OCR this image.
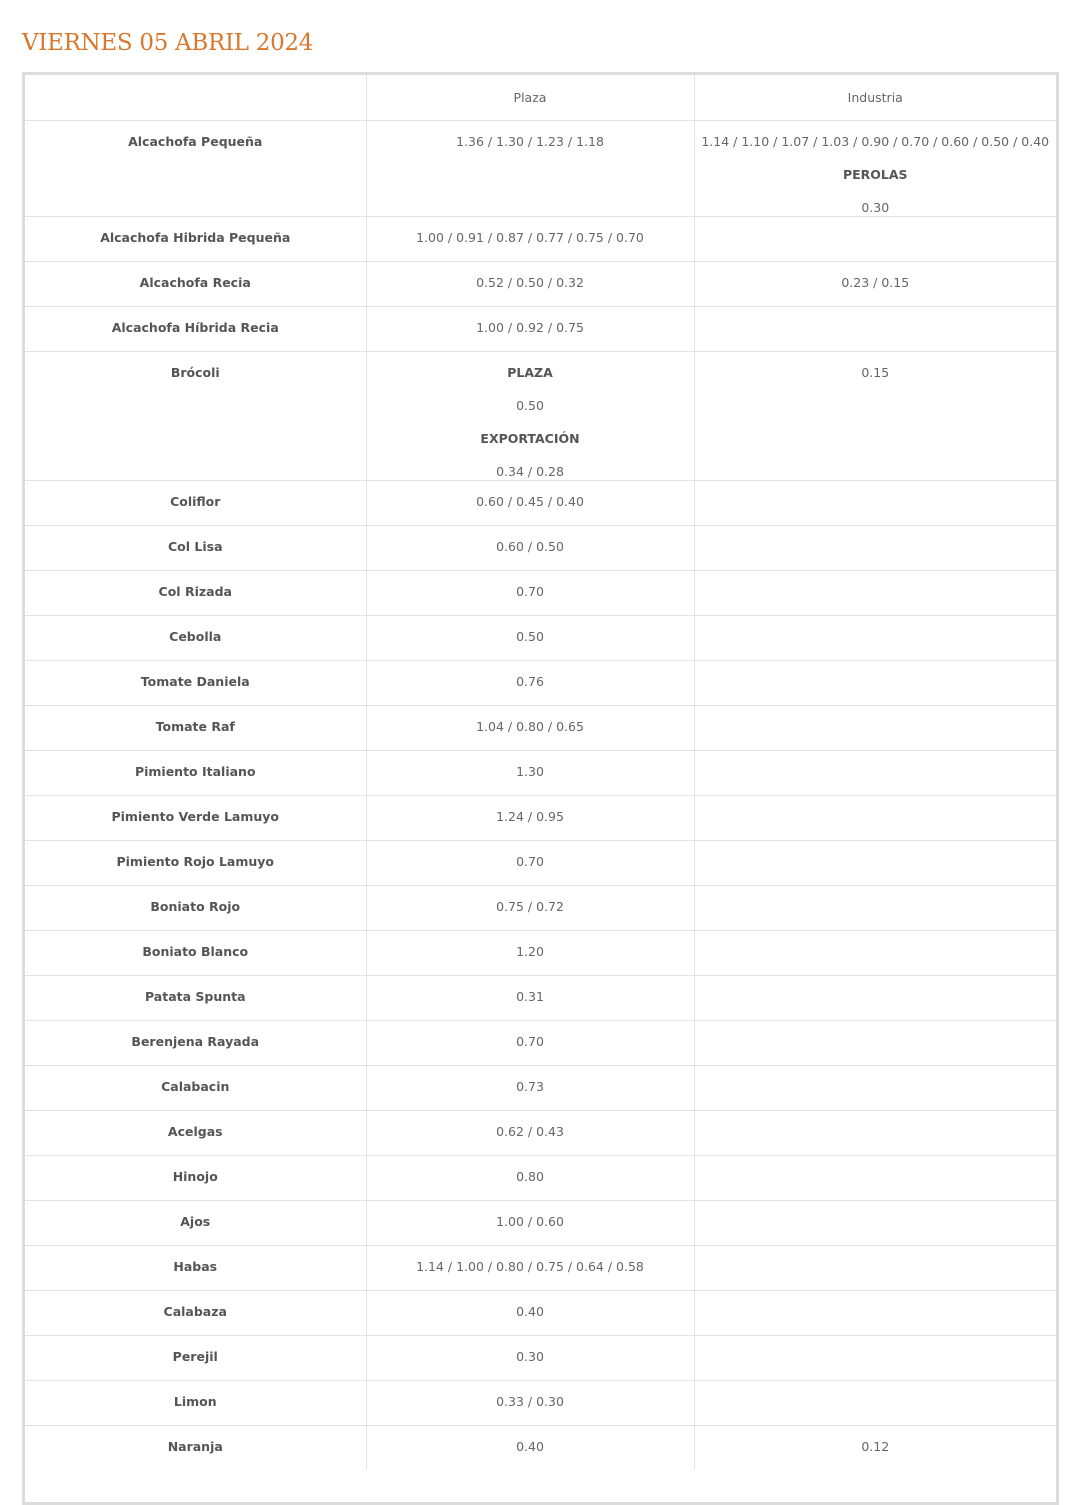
VIERNES 05 ABRIL 2024
	Plaza	Industria
Alcachofa Pequeña	1.36 / 1.30 / 1.23 / 1.18	1.14 / 1.10 / 1.07 / 1.03 / 0.90 / 0.70 / 0.60 / 0.50 / 0.40
PEROLAS
0.30

Alcachofa Hibrida Pequeña	1.00 / 0.91 / 0.87 / 0.77 / 0.75 / 0.70	

Alcachofa Recia	0.52 / 0.50 / 0.32	0.23 / 0.15

Alcachofa Híbrida Recia	1.00 / 0.92 / 0.75	

Brócoli	PLAZA
0.50
EXPORTACIÓN
0.34 / 0.28	0.15

Coliflor	0.60 / 0.45 / 0.40	

Col Lisa	0.60 / 0.50	

Col Rizada	0.70	

Cebolla	0.50	

Tomate Daniela	0.76	

Tomate Raf	1.04 / 0.80 / 0.65	

Pimiento Italiano	1.30	

Pimiento Verde Lamuyo	1.24 / 0.95	

Pimiento Rojo Lamuyo	0.70	

Boniato Rojo	0.75 / 0.72	

Boniato Blanco	1.20	

Patata Spunta	0.31	

Berenjena Rayada	0.70	

Calabacin	0.73	

Acelgas	0.62 / 0.43	

Hinojo	0.80	

Ajos	1.00 / 0.60	

Habas	1.14 / 1.00 / 0.80 / 0.75 / 0.64 / 0.58	

Calabaza	0.40	

Perejil	0.30	

Limon	0.33 / 0.30	

Naranja	0.40	0.12
